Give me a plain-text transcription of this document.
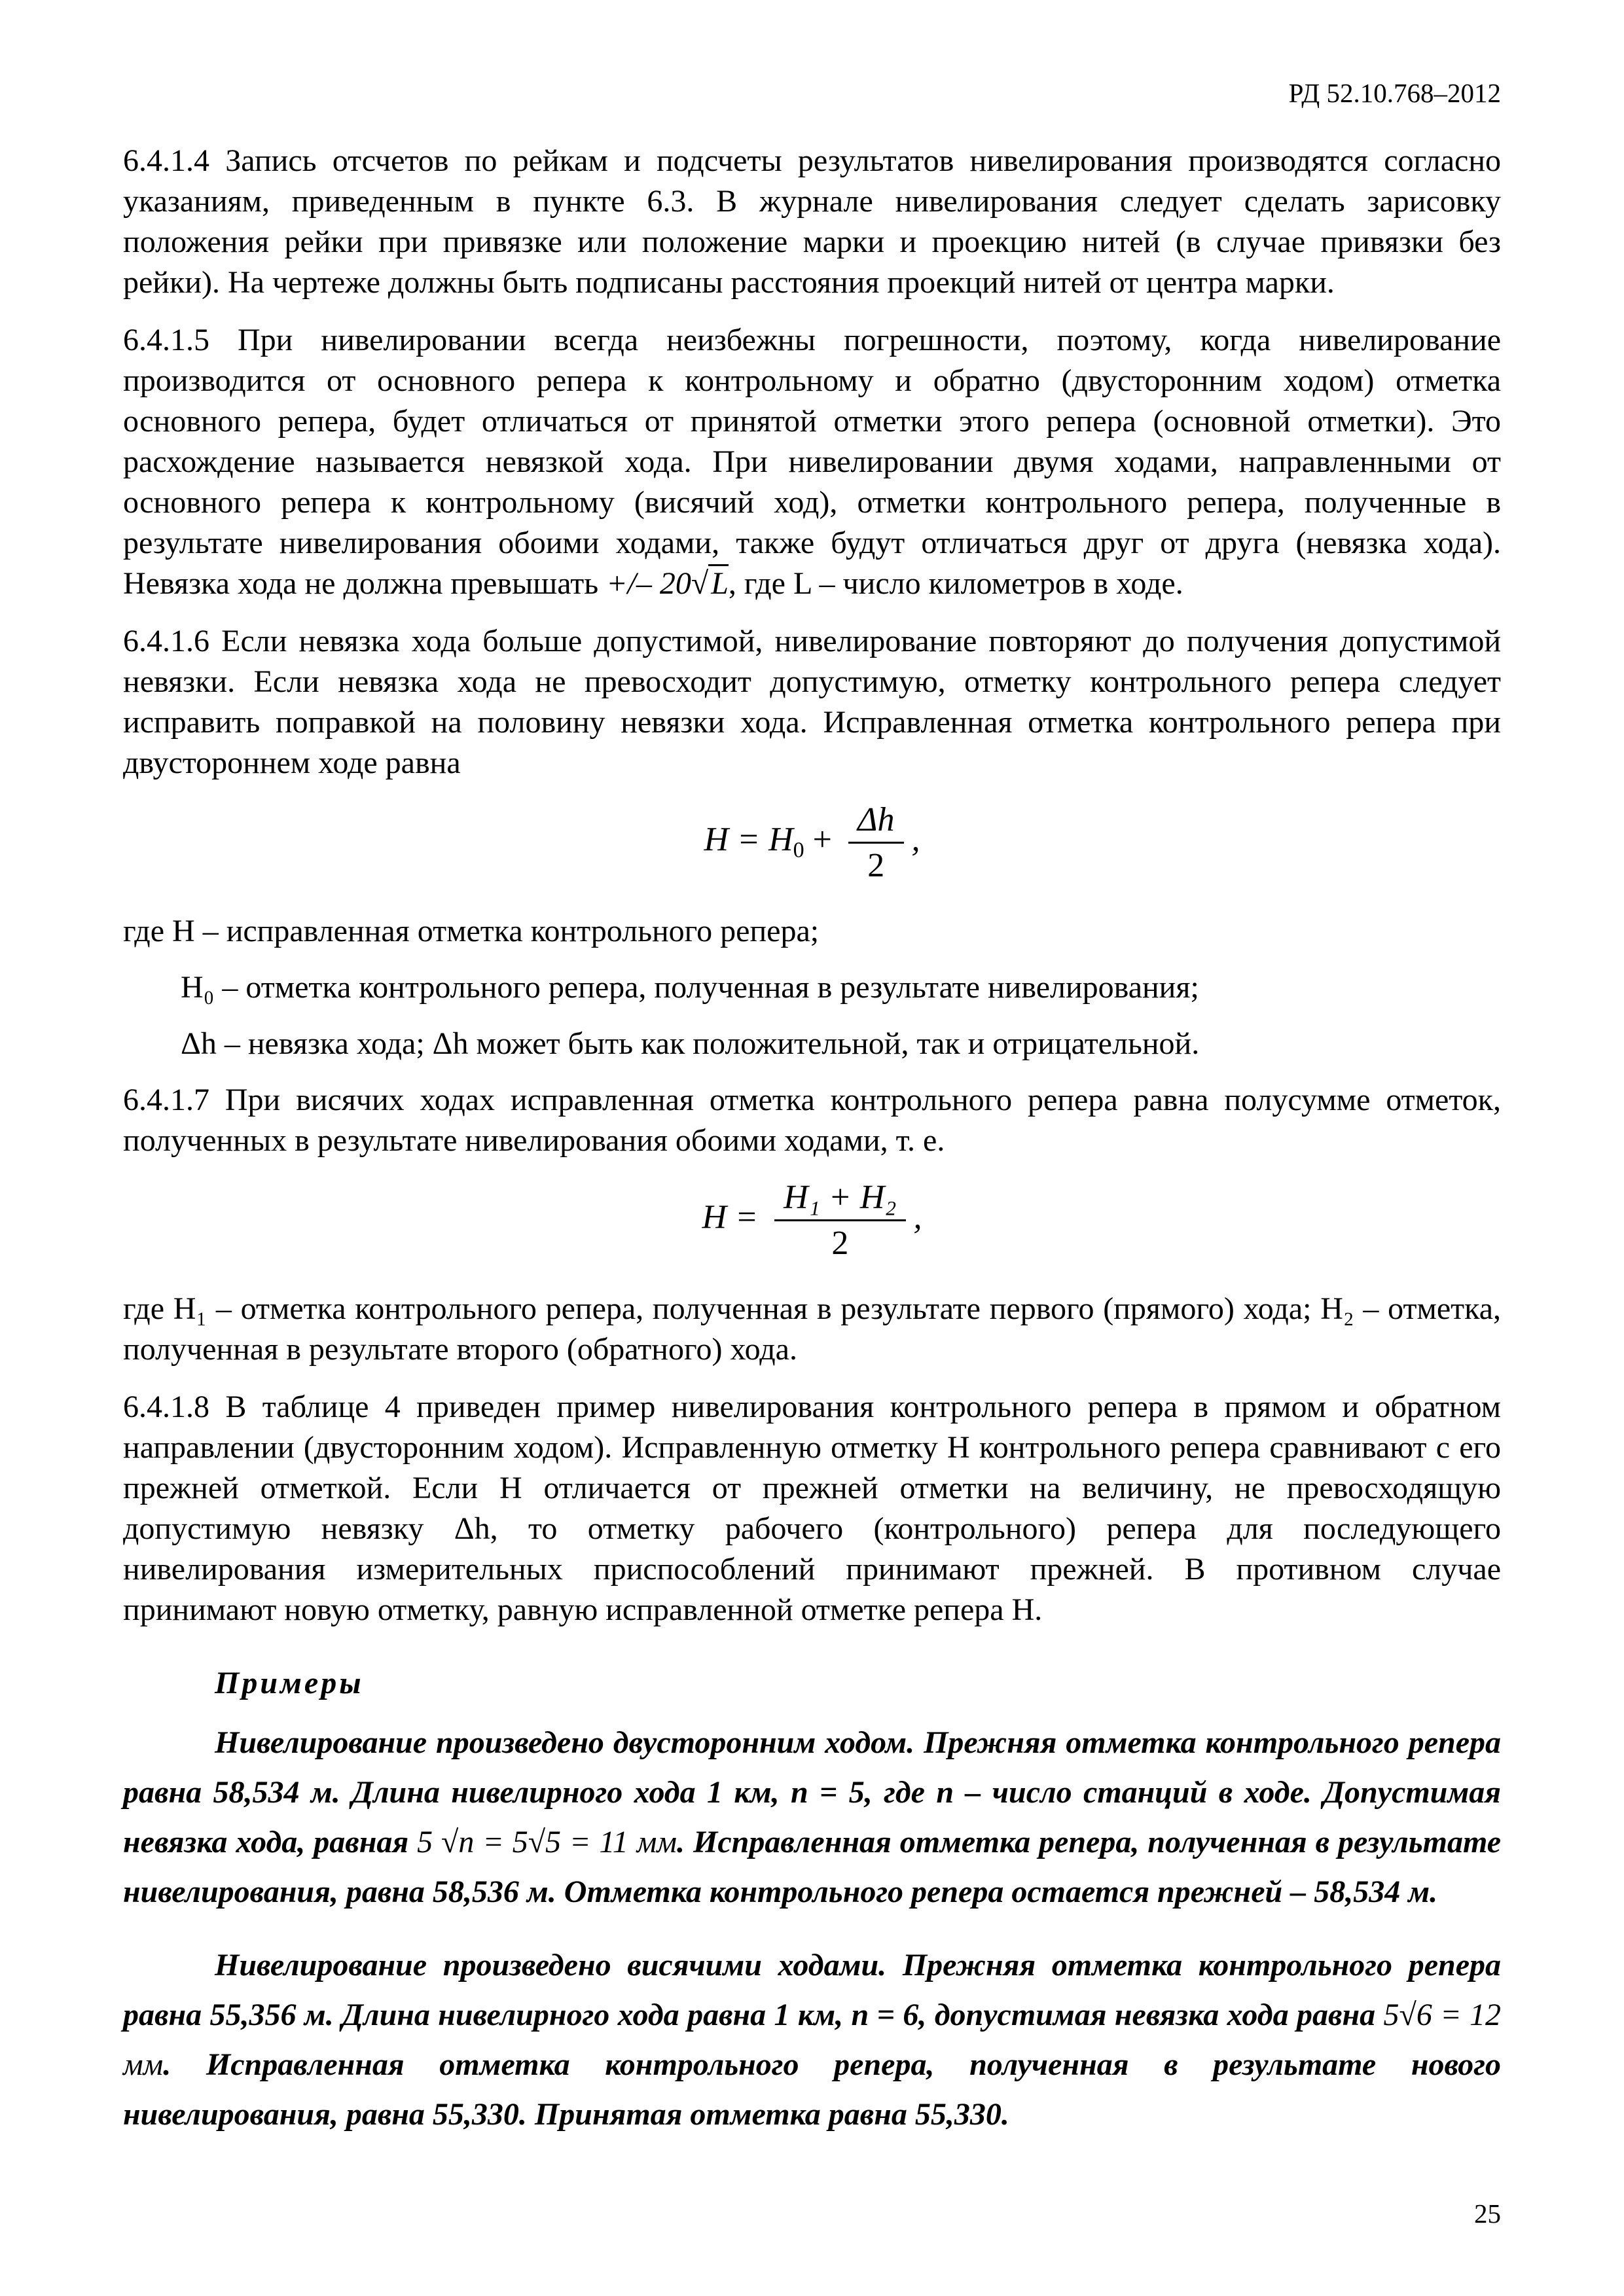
РД 52.10.768–2012

6.4.1.4 Запись отсчетов по рейкам и подсчеты результатов нивелирования производятся согласно указаниям, приведенным в пункте 6.3. В журнале нивелирования следует сделать зарисовку положения рейки при привязке или положение марки и проекцию нитей (в случае привязки без рейки). На чертеже должны быть подписаны расстояния проекций нитей от центра марки.

6.4.1.5 При нивелировании всегда неизбежны погрешности, поэтому, когда нивелирование производится от основного репера к контрольному и обратно (двусторонним ходом) отметка основного репера, будет отличаться от принятой отметки этого репера (основной отметки). Это расхождение называется невязкой хода. При нивелировании двумя ходами, направленными от основного репера к контрольному (висячий ход), отметки контрольного репера, полученные в результате нивелирования обоими ходами, также будут отличаться друг от друга (невязка хода). Невязка хода не должна превышать +/– 20√L, где L – число километров в ходе.

6.4.1.6 Если невязка хода больше допустимой, нивелирование повторяют до получения допустимой невязки. Если невязка хода не превосходит допустимую, отметку контрольного репера следует исправить поправкой на половину невязки хода. Исправленная отметка контрольного репера при двустороннем ходе равна

$H = H_0 + \frac{\Delta h}{2}$ ,

где Н – исправленная отметка контрольного репера;

Н₀ – отметка контрольного репера, полученная в результате нивелирования;

Δh – невязка хода; Δh может быть как положительной, так и отрицательной.

6.4.1.7 При висячих ходах исправленная отметка контрольного репера равна полусумме отметок, полученных в результате нивелирования обоими ходами, т. е.

$H = \frac{\text{H₁ + H₂}}{2}$ ,

где H₁ – отметка контрольного репера, полученная в результате первого (прямого) хода; H₂ – отметка, полученная в результате второго (обратного) хода.

6.4.1.8 В таблице 4 приведен пример нивелирования контрольного репера в прямом и обратном направлении (двусторонним ходом). Исправленную отметку Н контрольного репера сравнивают с его прежней отметкой. Если Н отличается от прежней отметки на величину, не превосходящую допустимую невязку Δh, то отметку рабочего (контрольного) репера для последующего нивелирования измерительных приспособлений принимают прежней. В противном случае принимают новую отметку, равную исправленной отметке репера Н.

Примеры

Нивелирование произведено двусторонним ходом. Прежняя отметка контрольного репера равна 58,534 м. Длина нивелирного хода 1 км, n = 5, где n – число станций в ходе. Допустимая невязка хода, равная 5 √n = 5√5 = 11 мм. Исправленная отметка репера, полученная в результате нивелирования, равна 58,536 м. Отметка контрольного репера остается прежней – 58,534 м.

Нивелирование произведено висячими ходами. Прежняя отметка контрольного репера равна 55,356 м. Длина нивелирного хода равна 1 км, n = 6, допустимая невязка хода равна 5√6 = 12 мм. Исправленная отметка контрольного репера, полученная в результате нового нивелирования, равна 55,330. Принятая отметка равна 55,330.

25
